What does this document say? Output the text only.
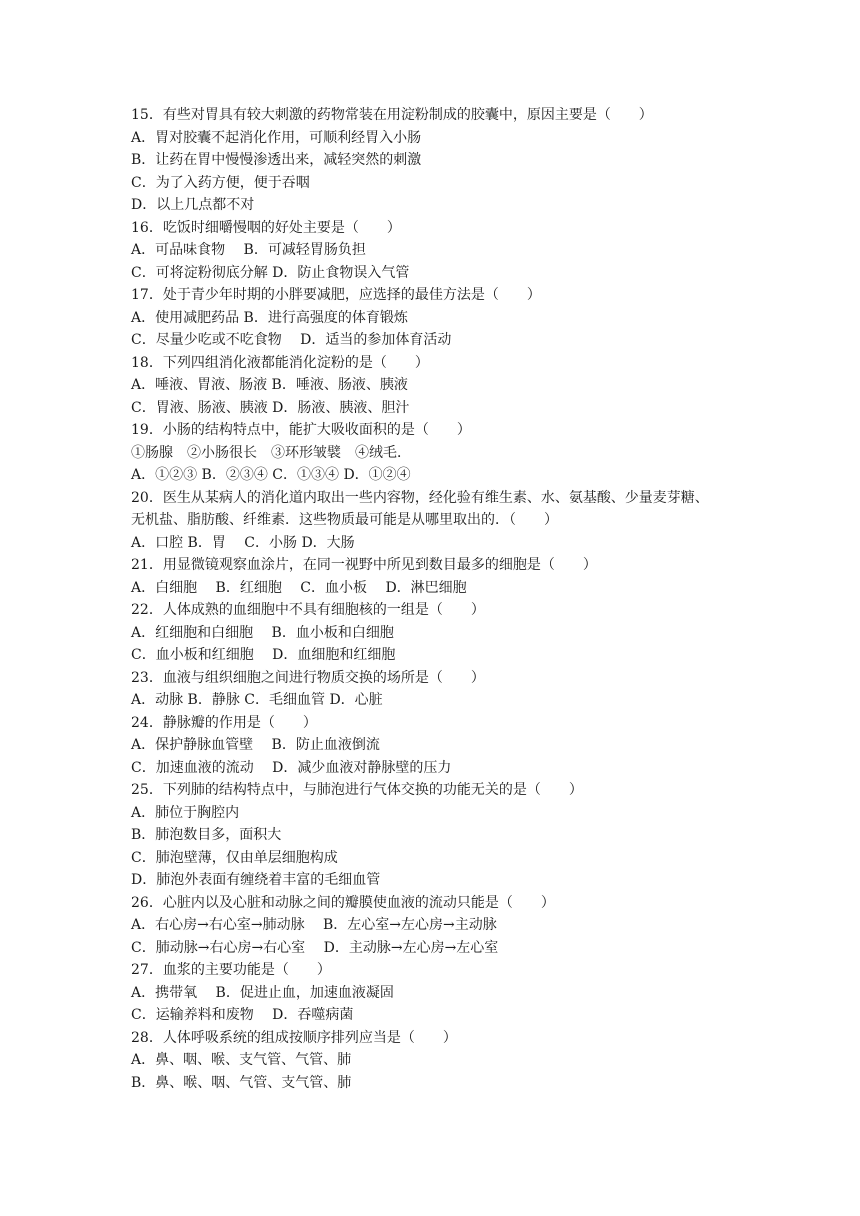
15．有些对胃具有较大刺激的药物常装在用淀粉制成的胶囊中，原因主要是（　　）
A．胃对胶囊不起消化作用，可顺利经胃入小肠
B．让药在胃中慢慢渗透出来，减轻突然的刺激
C．为了入药方便，便于吞咽
D．以上几点都不对
16．吃饭时细嚼慢咽的好处主要是（　　）
A．可品味食物　 B．可减轻胃肠负担
C．可将淀粉彻底分解 D．防止食物误入气管
17．处于青少年时期的小胖要减肥，应选择的最佳方法是（　　）
A．使用减肥药品 B．进行高强度的体育锻炼
C．尽量少吃或不吃食物　 D．适当的参加体育活动
18．下列四组消化液都能消化淀粉的是（　　）
A．唾液、胃液、肠液 B．唾液、肠液、胰液
C．胃液、肠液、胰液 D．肠液、胰液、胆汁
19．小肠的结构特点中，能扩大吸收面积的是（　　）
①肠腺　②小肠很长　③环形皱襞　④绒毛．
A．①②③ B．②③④ C．①③④ D．①②④
20．医生从某病人的消化道内取出一些内容物，经化验有维生素、水、氨基酸、少量麦芽糖、
无机盐、脂肪酸、纤维素．这些物质最可能是从哪里取出的．（　　）
A．口腔 B．胃　 C．小肠 D．大肠
21．用显微镜观察血涂片，在同一视野中所见到数目最多的细胞是（　　）
A．白细胞　 B．红细胞　 C．血小板　 D．淋巴细胞
22．人体成熟的血细胞中不具有细胞核的一组是（　　）
A．红细胞和白细胞　 B．血小板和白细胞
C．血小板和红细胞　 D．血细胞和红细胞
23．血液与组织细胞之间进行物质交换的场所是（　　）
A．动脉 B．静脉 C．毛细血管 D．心脏
24．静脉瓣的作用是（　　）
A．保护静脉血管壁　 B．防止血液倒流
C．加速血液的流动　 D．减少血液对静脉壁的压力
25．下列肺的结构特点中，与肺泡进行气体交换的功能无关的是（　　）
A．肺位于胸腔内
B．肺泡数目多，面积大
C．肺泡壁薄，仅由单层细胞构成
D．肺泡外表面有缠绕着丰富的毛细血管
26．心脏内以及心脏和动脉之间的瓣膜使血液的流动只能是（　　）
A．右心房→右心室→肺动脉　 B．左心室→左心房→主动脉
C．肺动脉→右心房→右心室　 D．主动脉→左心房→左心室
27．血浆的主要功能是（　　）
A．携带氧　 B．促进止血，加速血液凝固
C．运输养料和废物　 D．吞噬病菌
28．人体呼吸系统的组成按顺序排列应当是（　　）
A．鼻、咽、喉、支气管、气管、肺
B．鼻、喉、咽、气管、支气管、肺
